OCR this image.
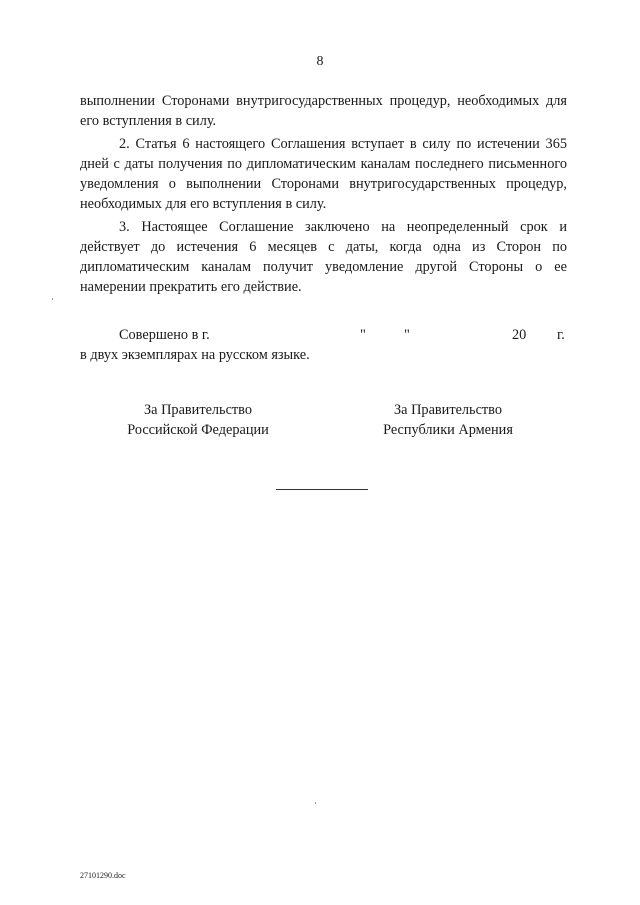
8

выполнении Сторонами внутригосударственных процедур, необходимых для его вступления в силу.

2. Статья 6 настоящего Соглашения вступает в силу по истечении 365 дней с даты получения по дипломатическим каналам последнего письменного уведомления о выполнении Сторонами внутригосударственных процедур, необходимых для его вступления в силу.

3. Настоящее Соглашение заключено на неопределенный срок и действует до истечения 6 месяцев с даты, когда одна из Сторон по дипломатическим каналам получит уведомление другой Стороны о ее намерении прекратить его действие.

Совершено в г.	"	"	20 г.
в двух экземплярах на русском языке.
За Правительство
Российской Федерации
За Правительство
Республики Армения
27101290.doc
